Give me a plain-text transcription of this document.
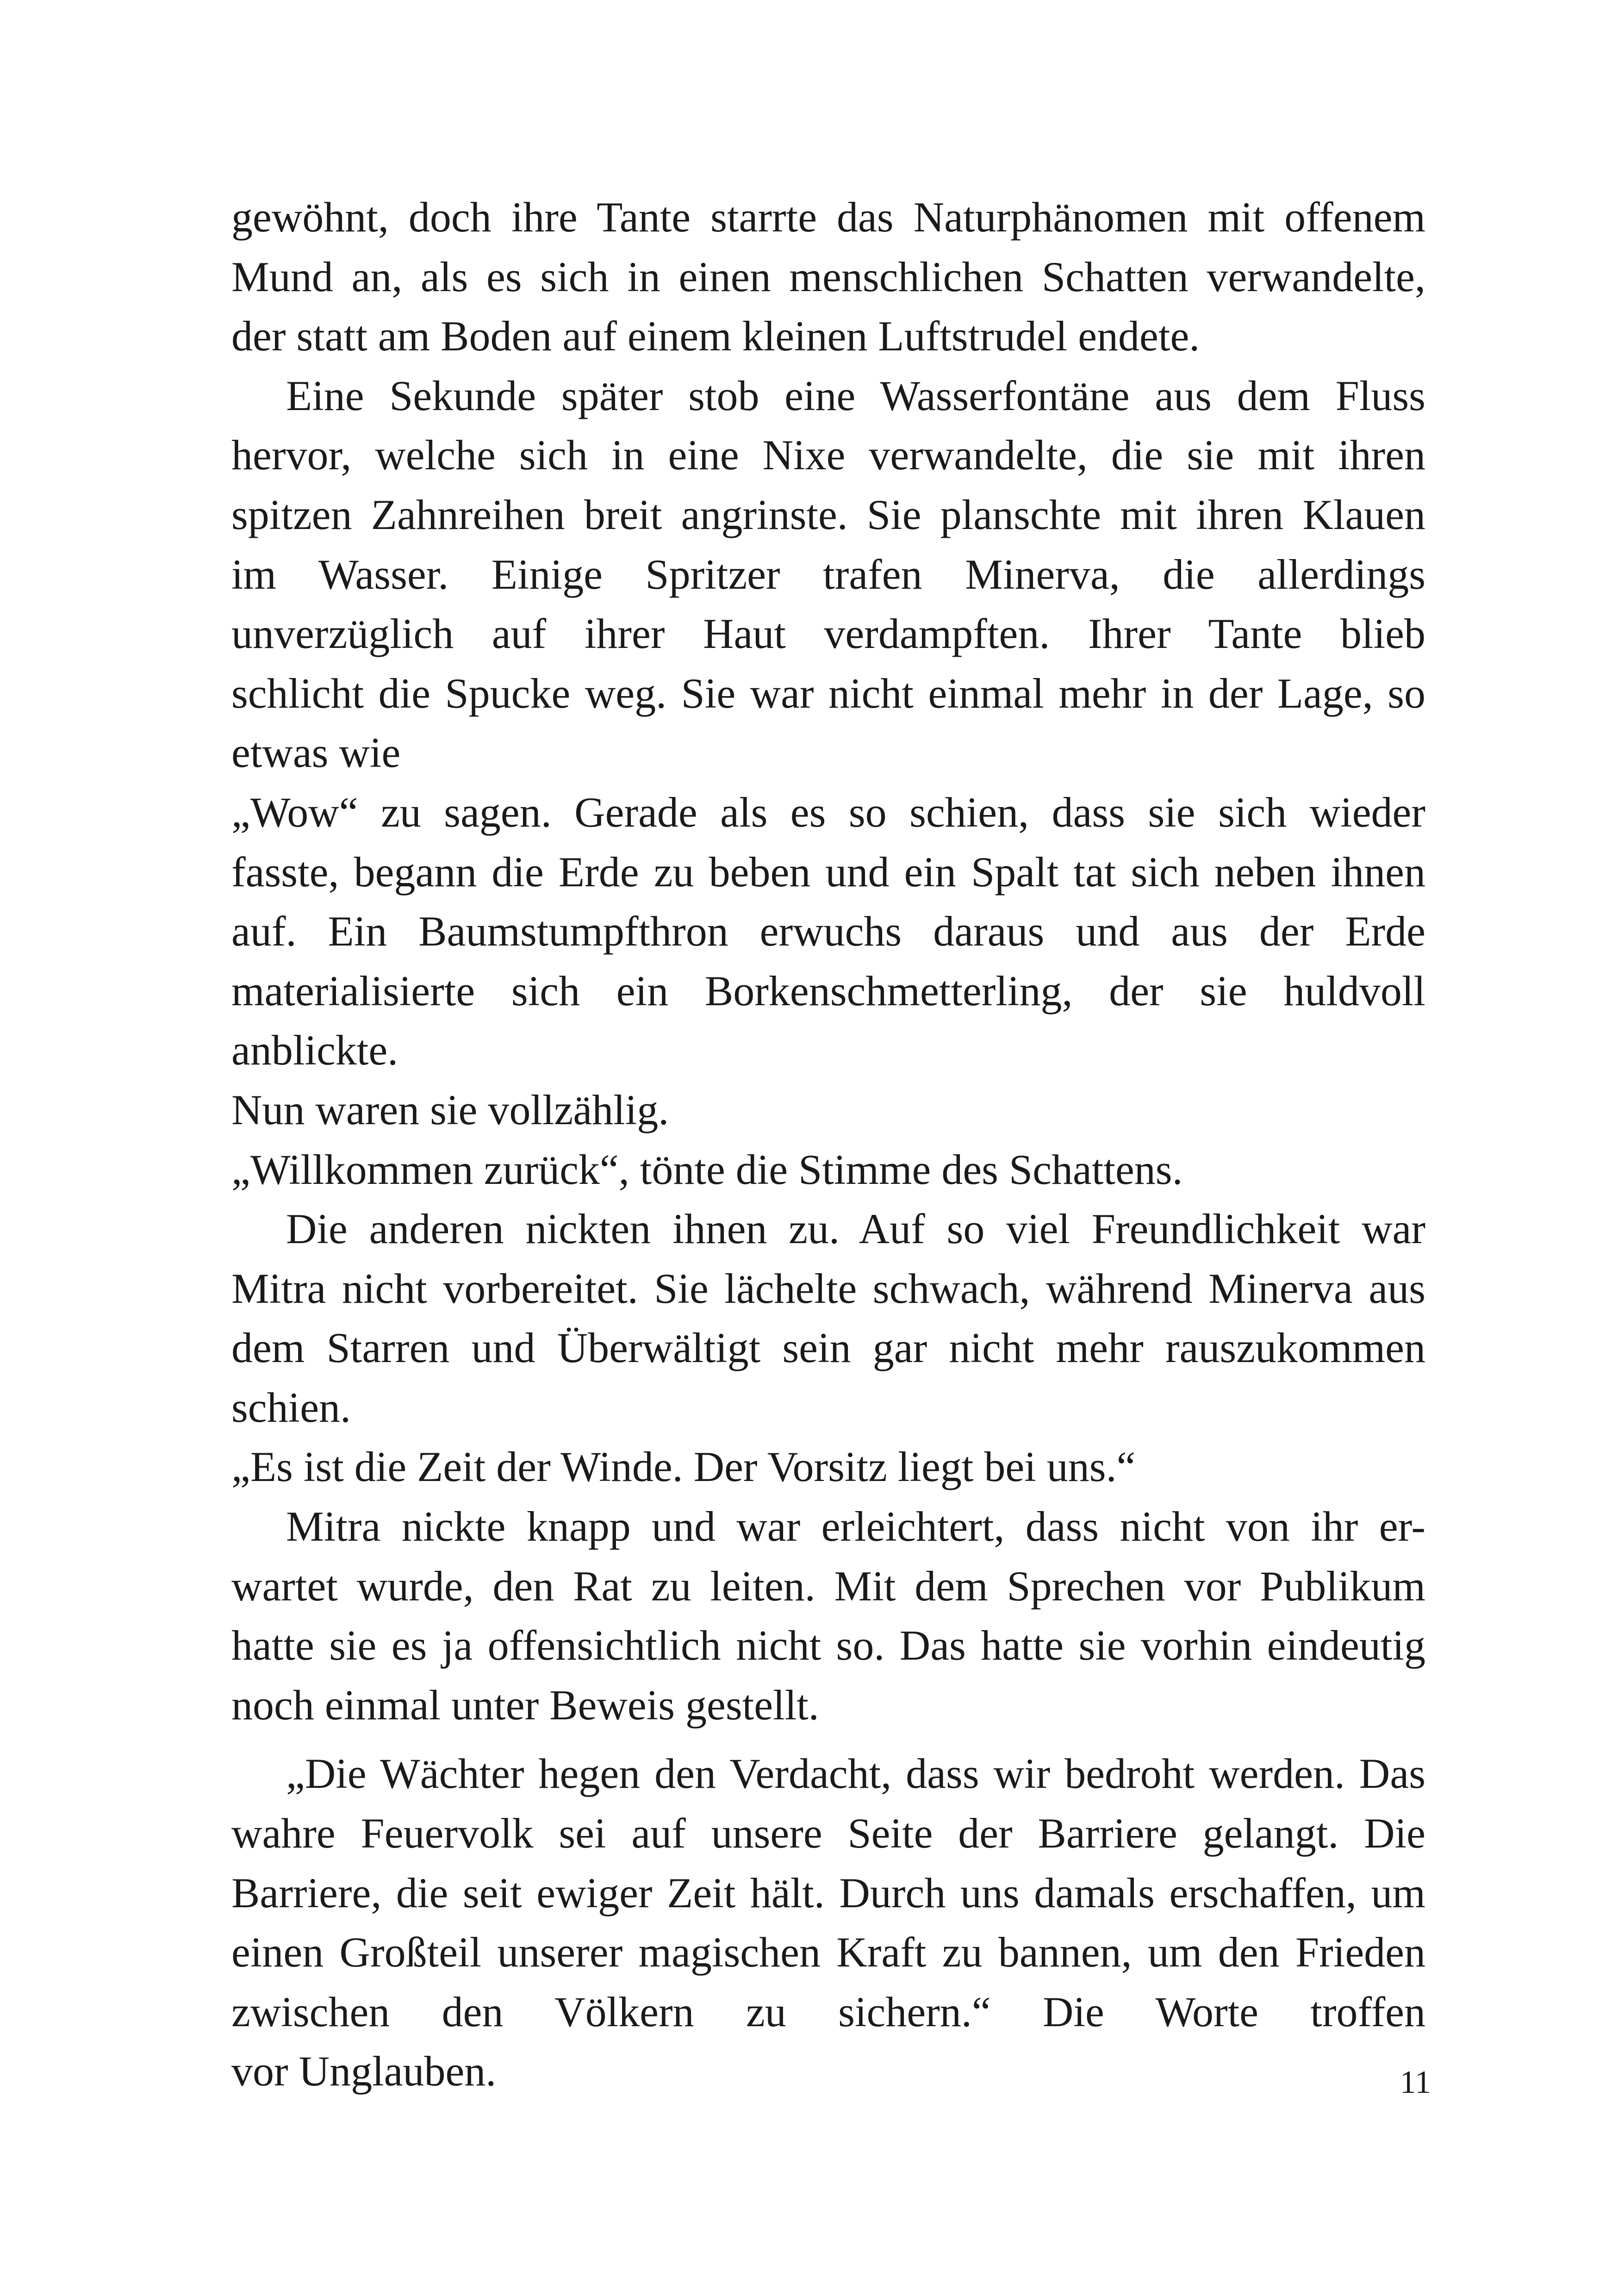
gewöhnt, doch ihre Tante starrte das Naturphänomen mit offenem
Mund an, als es sich in einen menschlichen Schatten verwandelte,
der statt am Boden auf einem kleinen Luftstrudel endete.
Eine Sekunde später stob eine Wasserfontäne aus dem Fluss
hervor, welche sich in eine Nixe verwandelte, die sie mit ihren
spitzen Zahnreihen breit angrinste. Sie planschte mit ihren Klauen
im Wasser. Einige Spritzer trafen Minerva, die allerdings
unverzüglich auf ihrer Haut verdampften. Ihrer Tante blieb
schlicht die Spucke weg. Sie war nicht einmal mehr in der Lage, so
etwas wie
„Wow“ zu sagen. Gerade als es so schien, dass sie sich wieder
fasste, begann die Erde zu beben und ein Spalt tat sich neben ihnen
auf. Ein Baumstumpfthron erwuchs daraus und aus der Erde
materialisierte sich ein Borkenschmetterling, der sie huldvoll
anblickte.
Nun waren sie vollzählig.
„Willkommen zurück“, tönte die Stimme des Schattens.
Die anderen nickten ihnen zu. Auf so viel Freundlichkeit war
Mitra nicht vorbereitet. Sie lächelte schwach, während Minerva aus
dem Starren und Überwältigt sein gar nicht mehr rauszukommen
schien.
„Es ist die Zeit der Winde. Der Vorsitz liegt bei uns.“
Mitra nickte knapp und war erleichtert, dass nicht von ihr er-
wartet wurde, den Rat zu leiten. Mit dem Sprechen vor Publikum
hatte sie es ja offensichtlich nicht so. Das hatte sie vorhin eindeutig
noch einmal unter Beweis gestellt.
„Die Wächter hegen den Verdacht, dass wir bedroht werden. Das
wahre Feuervolk sei auf unsere Seite der Barriere gelangt. Die
Barriere, die seit ewiger Zeit hält. Durch uns damals erschaffen, um
einen Großteil unserer magischen Kraft zu bannen, um den Frieden
zwischen den Völkern zu sichern.“ Die Worte troffen
vor Unglauben.	11
